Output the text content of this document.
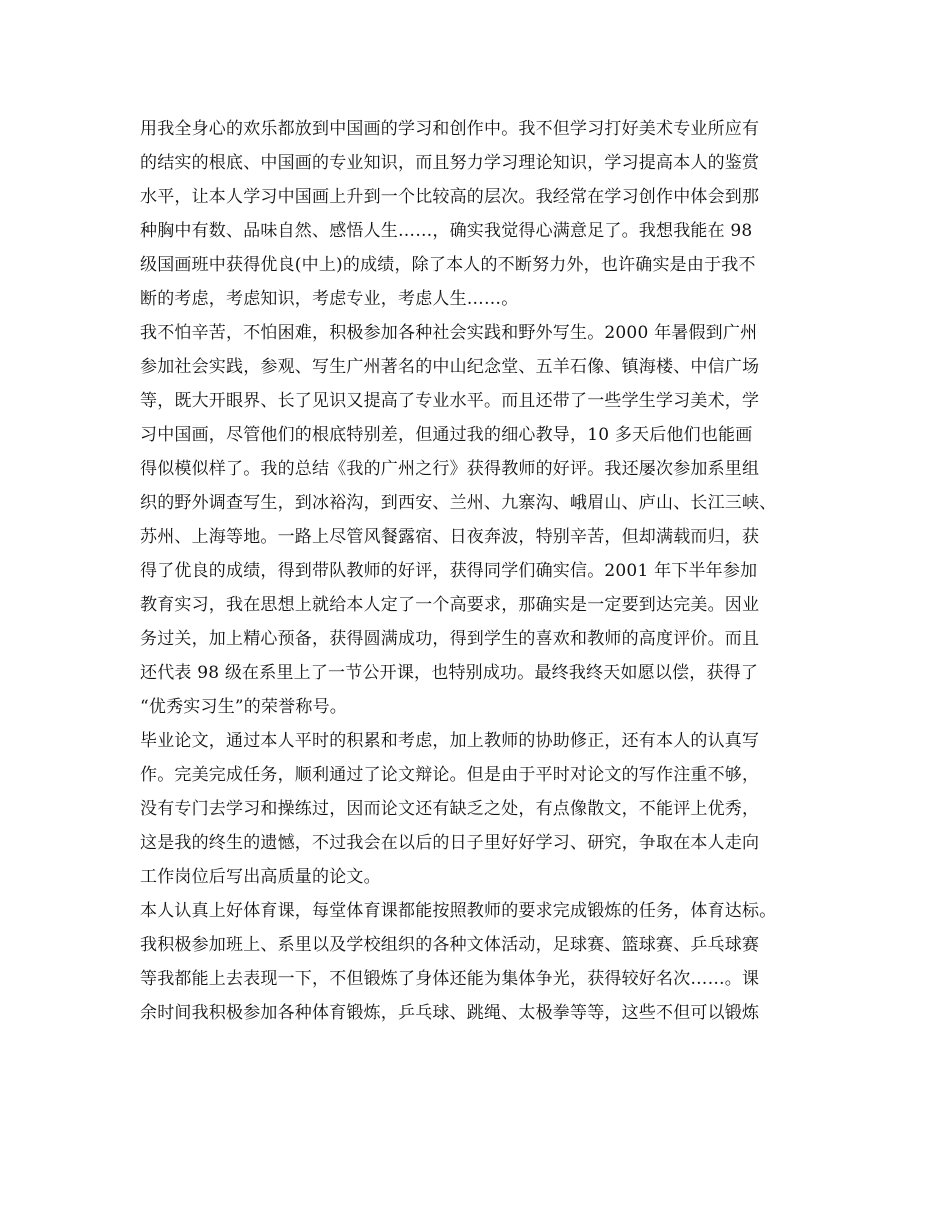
用我全身心的欢乐都放到中国画的学习和创作中。我不但学习打好美术专业所应有
的结实的根底、中国画的专业知识，而且努力学习理论知识，学习提高本人的鉴赏
水平，让本人学习中国画上升到一个比较高的层次。我经常在学习创作中体会到那
种胸中有数、品味自然、感悟人生……，确实我觉得心满意足了。我想我能在 98
级国画班中获得优良(中上)的成绩，除了本人的不断努力外，也许确实是由于我不
断的考虑，考虑知识，考虑专业，考虑人生……。
我不怕辛苦，不怕困难，积极参加各种社会实践和野外写生。2000 年暑假到广州
参加社会实践，参观、写生广州著名的中山纪念堂、五羊石像、镇海楼、中信广场
等，既大开眼界、长了见识又提高了专业水平。而且还带了一些学生学习美术，学
习中国画，尽管他们的根底特别差，但通过我的细心教导，10 多天后他们也能画
得似模似样了。我的总结《我的广州之行》获得教师的好评。我还屡次参加系里组
织的野外调查写生，到冰裕沟，到西安、兰州、九寨沟、峨眉山、庐山、长江三峡、
苏州、上海等地。一路上尽管风餐露宿、日夜奔波，特别辛苦，但却满载而归，获
得了优良的成绩，得到带队教师的好评，获得同学们确实信。2001 年下半年参加
教育实习，我在思想上就给本人定了一个高要求，那确实是一定要到达完美。因业
务过关，加上精心预备，获得圆满成功，得到学生的喜欢和教师的高度评价。而且
还代表 98 级在系里上了一节公开课，也特别成功。最终我终天如愿以偿，获得了
“优秀实习生”的荣誉称号。
毕业论文，通过本人平时的积累和考虑，加上教师的协助修正，还有本人的认真写
作。完美完成任务，顺利通过了论文辩论。但是由于平时对论文的写作注重不够，
没有专门去学习和操练过，因而论文还有缺乏之处，有点像散文，不能评上优秀，
这是我的终生的遗憾，不过我会在以后的日子里好好学习、研究，争取在本人走向
工作岗位后写出高质量的论文。
本人认真上好体育课，每堂体育课都能按照教师的要求完成锻炼的任务，体育达标。
我积极参加班上、系里以及学校组织的各种文体活动，足球赛、篮球赛、乒乓球赛
等我都能上去表现一下，不但锻炼了身体还能为集体争光，获得较好名次……。课
余时间我积极参加各种体育锻炼，乒乓球、跳绳、太极拳等等，这些不但可以锻炼
